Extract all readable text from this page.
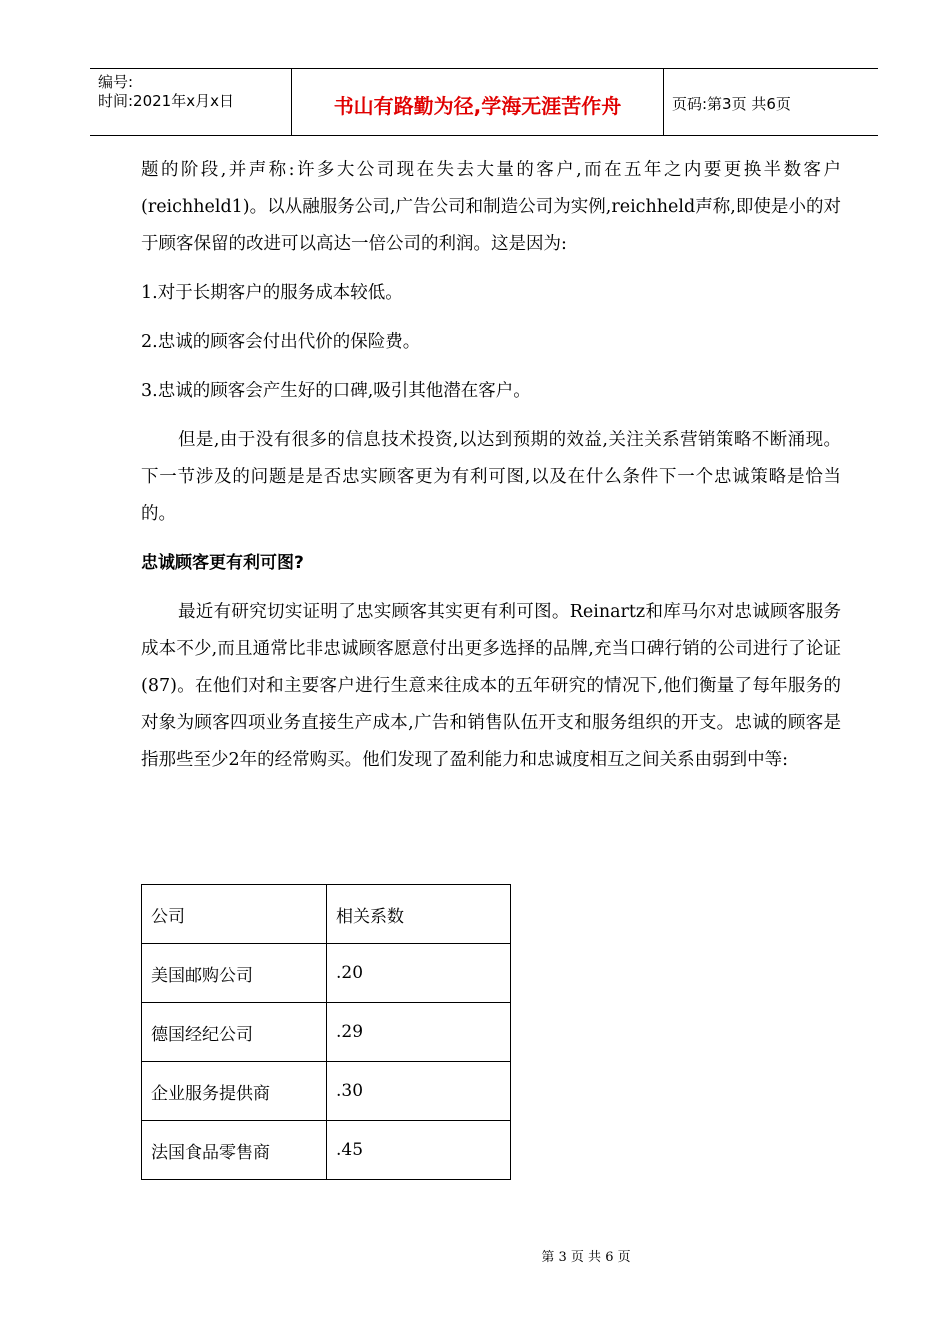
编号:
时间:2021年x月x日	书山有路勤为径,学海无涯苦作舟	页码:第3页 共6页

题的阶段,并声称:许多大公司现在失去大量的客户,而在五年之内要更换半数客户 (reichheld1)。以从融服务公司,广告公司和制造公司为实例,reichheld声称,即使是小的对于顾客保留的改进可以高达一倍公司的利润。这是因为:

1.对于长期客户的服务成本较低。

2.忠诚的顾客会付出代价的保险费。

3.忠诚的顾客会产生好的口碑,吸引其他潜在客户。

但是,由于没有很多的信息技术投资,以达到预期的效益,关注关系营销策略不断涌现。下一节涉及的问题是是否忠实顾客更为有利可图,以及在什么条件下一个忠诚策略是恰当的。

忠诚顾客更有利可图?

最近有研究切实证明了忠实顾客其实更有利可图。Reinartz和库马尔对忠诚顾客服务成本不少,而且通常比非忠诚顾客愿意付出更多选择的品牌,充当口碑行销的公司进行了论证(87)。在他们对和主要客户进行生意来往成本的五年研究的情况下,他们衡量了每年服务的对象为顾客四项业务直接生产成本,广告和销售队伍开支和服务组织的开支。忠诚的顾客是指那些至少2年的经常购买。他们发现了盈利能力和忠诚度相互之间关系由弱到中等:

公司	相关系数
美国邮购公司	.20
德国经纪公司	.29
企业服务提供商	.30
法国食品零售商	.45
第 3 页 共 6 页
